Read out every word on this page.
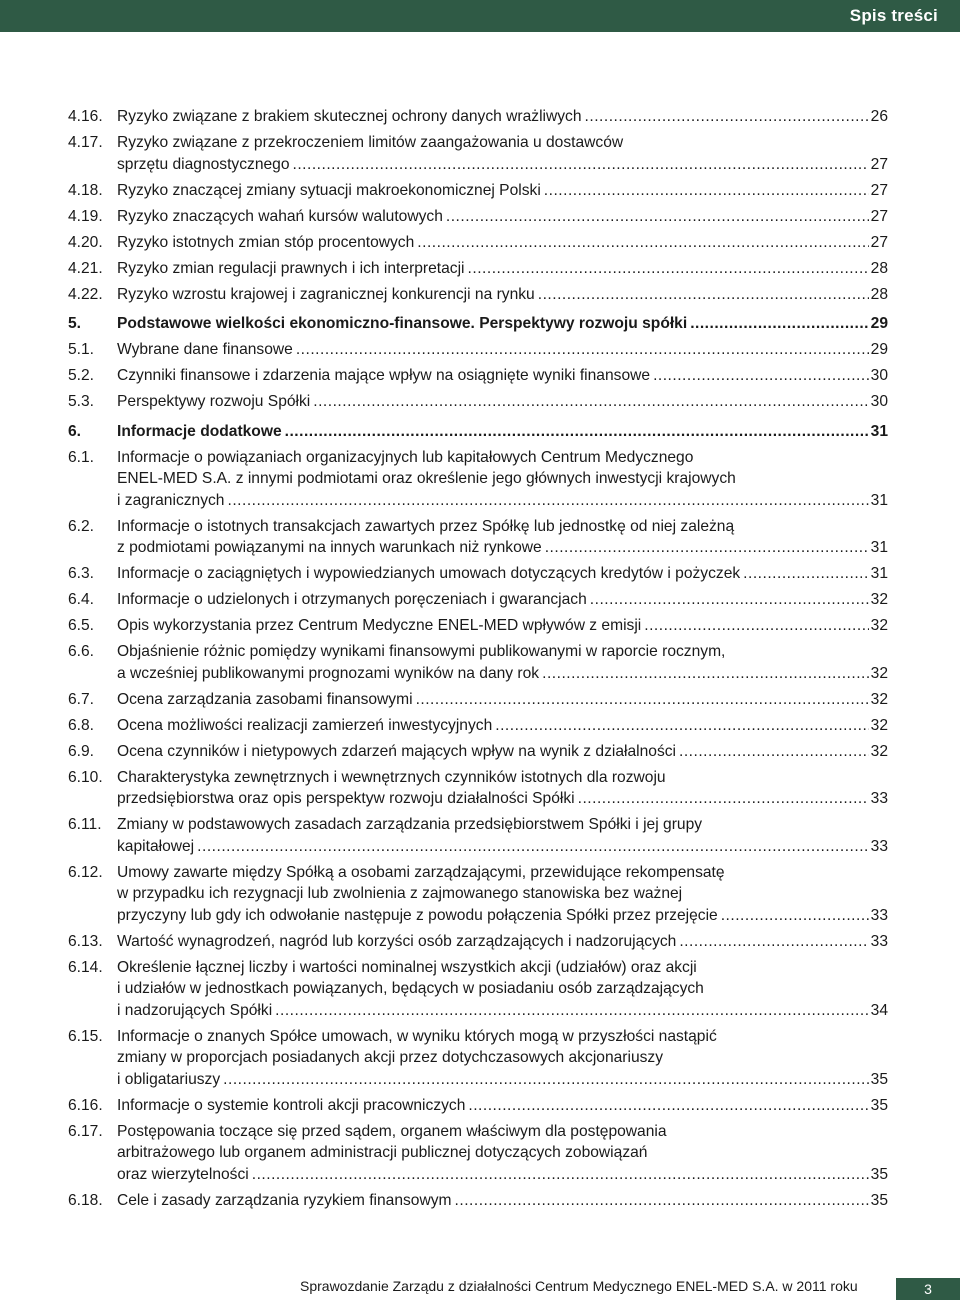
Spis treści
4.16. Ryzyko związane z brakiem skutecznej ochrony danych wrażliwych .....	26
4.17. Ryzyko związane z przekroczeniem limitów zaangażowania u dostawców
sprzętu diagnostycznego .....	27
4.18. Ryzyko znaczącej zmiany sytuacji makroekonomicznej Polski .....	27
4.19. Ryzyko znaczących wahań kursów walutowych .....	27
4.20. Ryzyko istotnych zmian stóp procentowych .....	27
4.21. Ryzyko zmian regulacji prawnych i ich interpretacji .....	28
4.22. Ryzyko wzrostu krajowej i zagranicznej konkurencji na rynku .....	28
5.	Podstawowe wielkości ekonomiczno-finansowe. Perspektywy rozwoju spółki .....	29
5.1.	Wybrane dane finansowe .....	29
5.2.	Czynniki finansowe i zdarzenia mające wpływ na osiągnięte wyniki finansowe .....	30
5.3.	Perspektywy rozwoju Spółki .....	30
6.	Informacje dodatkowe .....	31
6.1.	Informacje o powiązaniach organizacyjnych lub kapitałowych Centrum Medycznego
ENEL-MED S.A. z innymi podmiotami oraz określenie jego głównych inwestycji krajowych
i zagranicznych .....	31
6.2.	Informacje o istotnych transakcjach zawartych przez Spółkę lub jednostkę od niej zależną
z podmiotami powiązanymi na innych warunkach niż rynkowe .....	31
6.3.	Informacje o zaciągniętych i wypowiedzianych umowach dotyczących kredytów i pożyczek .....	31
6.4.	Informacje o udzielonych i otrzymanych poręczeniach i gwarancjach .....	32
6.5.	Opis wykorzystania przez Centrum Medyczne ENEL-MED wpływów z emisji .....	32
6.6.	Objaśnienie różnic pomiędzy wynikami finansowymi publikowanymi w raporcie rocznym,
a wcześniej publikowanymi prognozami wyników na dany rok .....	32
6.7.	Ocena zarządzania zasobami finansowymi .....	32
6.8.	Ocena możliwości realizacji zamierzeń inwestycyjnych .....	32
6.9.	Ocena czynników i nietypowych zdarzeń mających wpływ na wynik z działalności .....	32
6.10. Charakterystyka zewnętrznych i wewnętrznych czynników istotnych dla rozwoju
przedsiębiorstwa oraz opis perspektyw rozwoju działalności Spółki .....	33
6.11. Zmiany w podstawowych zasadach zarządzania przedsiębiorstwem Spółki i jej grupy
kapitałowej .....	33
6.12. Umowy zawarte między Spółką a osobami zarządzającymi, przewidujące rekompensatę
w przypadku ich rezygnacji lub zwolnienia z zajmowanego stanowiska bez ważnej
przyczyny lub gdy ich odwołanie następuje z powodu połączenia Spółki przez przejęcie .....	33
6.13. Wartość wynagrodzeń, nagród lub korzyści osób zarządzających i nadzorujących .....	33
6.14. Określenie łącznej liczby i wartości nominalnej wszystkich akcji (udziałów) oraz akcji
i udziałów w jednostkach powiązanych, będących w posiadaniu osób zarządzających
i nadzorujących Spółki .....	34
6.15. Informacje o znanych Spółce umowach, w wyniku których mogą w przyszłości nastąpić
zmiany w proporcjach posiadanych akcji przez dotychczasowych akcjonariuszy
i obligatariuszy .....	35
6.16. Informacje o systemie kontroli akcji pracowniczych .....	35
6.17. Postępowania toczące się przed sądem, organem właściwym dla postępowania
arbitrażowego lub organem administracji publicznej dotyczących zobowiązań
oraz wierzytelności .....	35
6.18. Cele i zasady zarządzania ryzykiem finansowym .....	35
Sprawozdanie Zarządu z działalności Centrum Medycznego ENEL-MED S.A. w 2011 roku	3
